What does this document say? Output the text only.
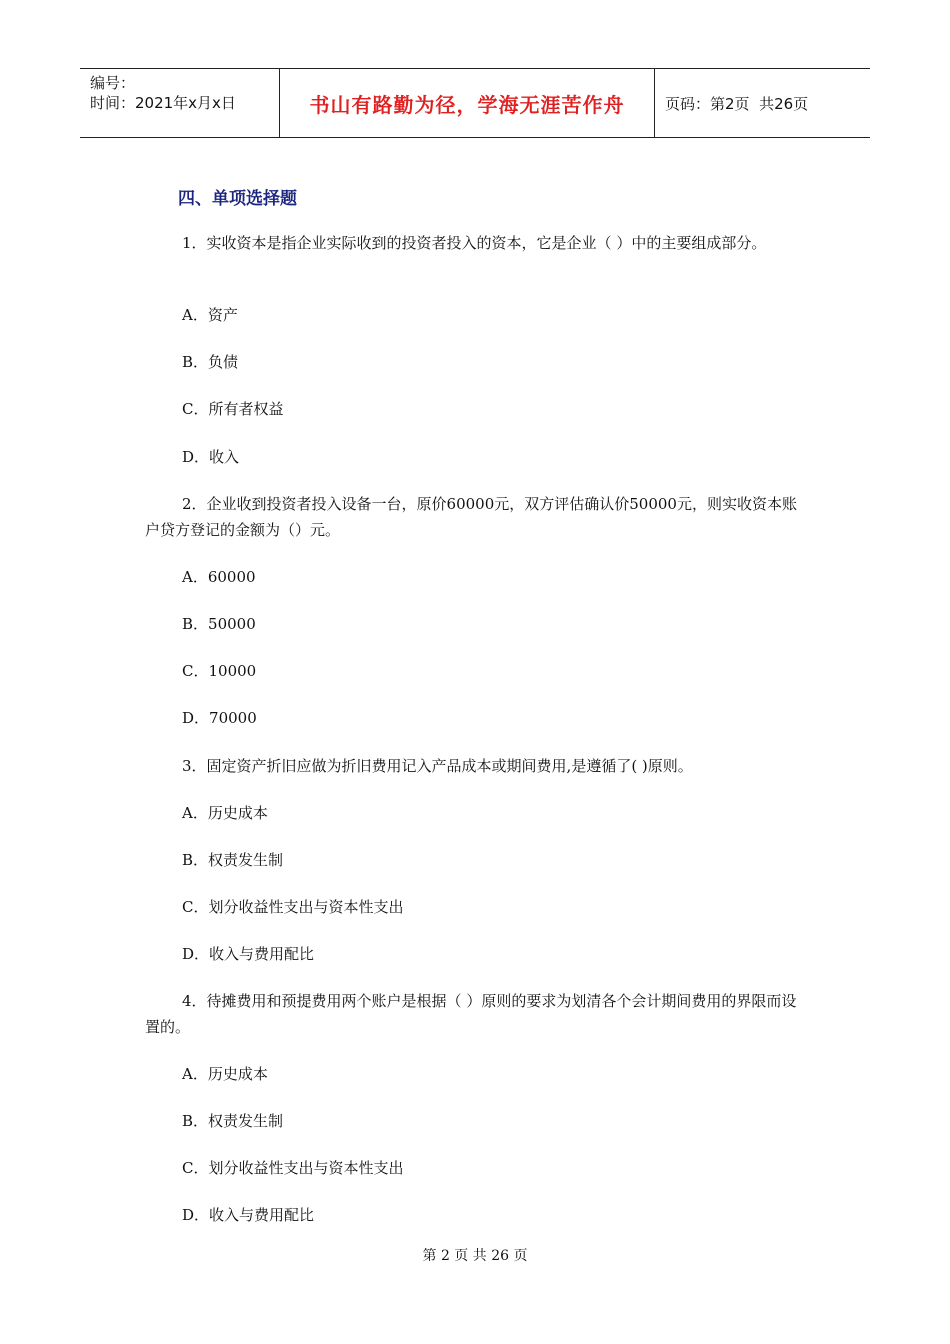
编号：
时间：2021年x月x日	书山有路勤为径，学海无涯苦作舟	页码：第2页  共26页
四、单项选择题
1．实收资本是指企业实际收到的投资者投入的资本，它是企业（ ）中的主要组成部分。
A．资产
B．负债
C．所有者权益
D．收入
2．企业收到投资者投入设备一台，原价60000元，双方评估确认价50000元，则实收资本账户贷方登记的金额为（）元。
A．60000
B．50000
C．10000
D．70000
3．固定资产折旧应做为折旧费用记入产品成本或期间费用,是遵循了( )原则。
A．历史成本
B．权责发生制
C．划分收益性支出与资本性支出
D．收入与费用配比
4．待摊费用和预提费用两个账户是根据（ ）原则的要求为划清各个会计期间费用的界限而设置的。
A．历史成本
B．权责发生制
C．划分收益性支出与资本性支出
D．收入与费用配比
第 2 页 共 26 页
